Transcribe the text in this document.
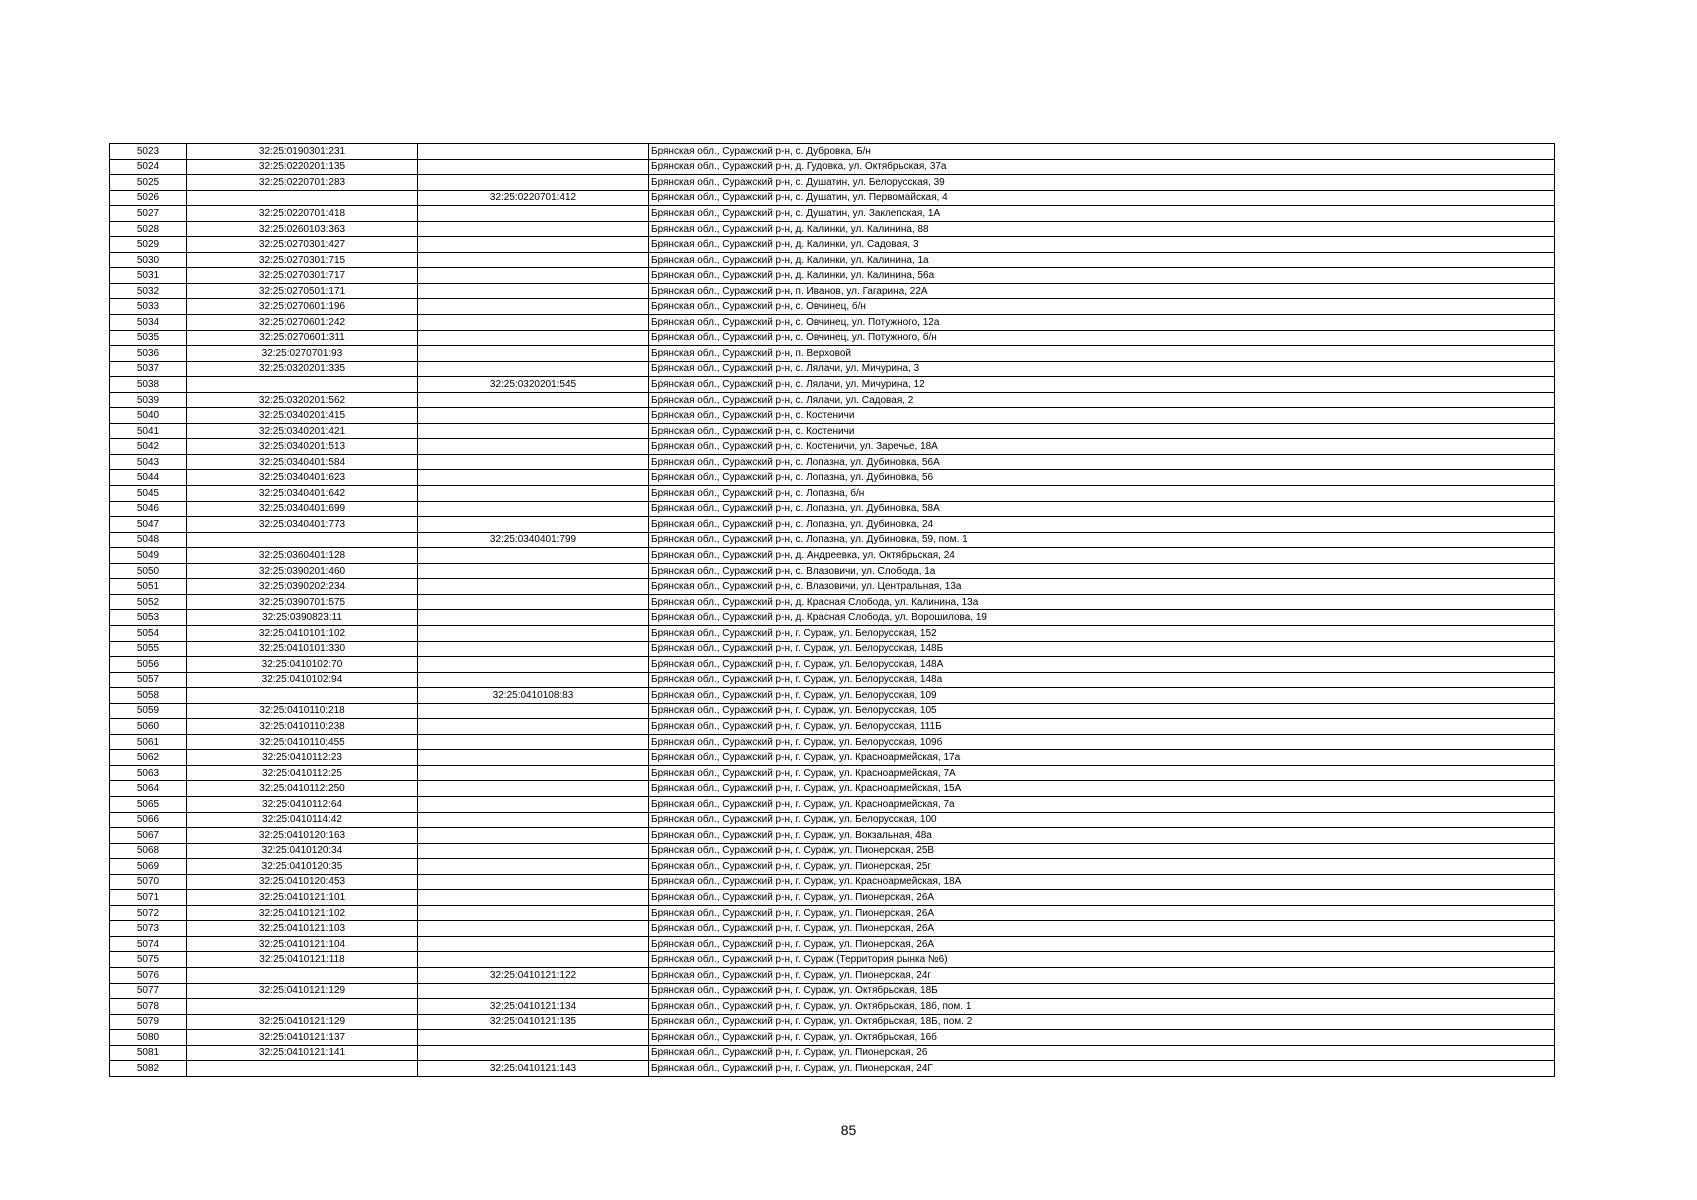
5023	32:25:0190301:231		Брянская обл., Суражский р-н, с. Дубровка, Б/н
5024	32:25:0220201:135		Брянская обл., Суражский р-н, д. Гудовка, ул. Октябрьская, 37а
5025	32:25:0220701:283		Брянская обл., Суражский р-н, с. Душатин, ул. Белорусская, 39
5026		32:25:0220701:412	Брянская обл., Суражский р-н, с. Душатин, ул. Первомайская, 4
5027	32:25:0220701:418		Брянская обл., Суражский р-н, с. Душатин, ул. Заклепская, 1А
5028	32:25:0260103:363		Брянская обл., Суражский р-н, д. Калинки, ул. Калинина, 88
5029	32:25:0270301:427		Брянская обл., Суражский р-н, д. Калинки, ул. Садовая, 3
5030	32:25:0270301:715		Брянская обл., Суражский р-н, д. Калинки, ул. Калинина, 1а
5031	32:25:0270301:717		Брянская обл., Суражский р-н, д. Калинки, ул. Калинина, 56а
5032	32:25:0270501:171		Брянская обл., Суражский р-н, п. Иванов, ул. Гагарина, 22А
5033	32:25:0270601:196		Брянская обл., Суражский р-н, с. Овчинец, б/н
5034	32:25:0270601:242		Брянская обл., Суражский р-н, с. Овчинец, ул. Потужного, 12а
5035	32:25:0270601:311		Брянская обл., Суражский р-н, с. Овчинец, ул. Потужного, б/н
5036	32:25:0270701:93		Брянская обл., Суражский р-н, п. Верховой
5037	32:25:0320201:335		Брянская обл., Суражский р-н, с. Лялачи, ул. Мичурина, 3
5038		32:25:0320201:545	Брянская обл., Суражский р-н, с. Лялачи, ул. Мичурина, 12
5039	32:25:0320201:562		Брянская обл., Суражский р-н, с. Лялачи, ул. Садовая, 2
5040	32:25:0340201:415		Брянская обл., Суражский р-н, с. Костеничи
5041	32:25:0340201:421		Брянская обл., Суражский р-н, с. Костеничи
5042	32:25:0340201:513		Брянская обл., Суражский р-н, с. Костеничи, ул. Заречье, 18А
5043	32:25:0340401:584		Брянская обл., Суражский р-н, с. Лопазна, ул. Дубиновка, 56А
5044	32:25:0340401:623		Брянская обл., Суражский р-н, с. Лопазна, ул. Дубиновка, 56
5045	32:25:0340401:642		Брянская обл., Суражский р-н, с. Лопазна, б/н
5046	32:25:0340401:699		Брянская обл., Суражский р-н, с. Лопазна, ул. Дубиновка, 58А
5047	32:25:0340401:773		Брянская обл., Суражский р-н, с. Лопазна, ул. Дубиновка, 24
5048		32:25:0340401:799	Брянская обл., Суражский р-н, с. Лопазна, ул. Дубиновка, 59, пом. 1
5049	32:25:0360401:128		Брянская обл., Суражский р-н, д. Андреевка, ул. Октябрьская, 24
5050	32:25:0390201:460		Брянская обл., Суражский р-н, с. Влазовичи, ул. Слобода, 1а
5051	32:25:0390202:234		Брянская обл., Суражский р-н, с. Влазовичи, ул. Центральная, 13а
5052	32:25:0390701:575		Брянская обл., Суражский р-н, д. Красная Слобода, ул. Калинина, 13а
5053	32:25:0390823:11		Брянская обл., Суражский р-н, д. Красная Слобода, ул. Ворошилова, 19
5054	32:25:0410101:102		Брянская обл., Суражский р-н, г. Сураж, ул. Белорусская, 152
5055	32:25:0410101:330		Брянская обл., Суражский р-н, г. Сураж, ул. Белорусская, 148Б
5056	32:25:0410102:70		Брянская обл., Суражский р-н, г. Сураж, ул. Белорусская, 148А
5057	32:25:0410102:94		Брянская обл., Суражский р-н, г. Сураж, ул. Белорусская, 148а
5058		32:25:0410108:83	Брянская обл., Суражский р-н, г. Сураж, ул. Белорусская, 109
5059	32:25:0410110:218		Брянская обл., Суражский р-н, г. Сураж, ул. Белорусская, 105
5060	32:25:0410110:238		Брянская обл., Суражский р-н, г. Сураж, ул. Белорусская, 111Б
5061	32:25:0410110:455		Брянская обл., Суражский р-н, г. Сураж, ул. Белорусская, 109б
5062	32:25:0410112:23		Брянская обл., Суражский р-н, г. Сураж, ул. Красноармейская, 17а
5063	32:25:0410112:25		Брянская обл., Суражский р-н, г. Сураж, ул. Красноармейская, 7А
5064	32:25:0410112:250		Брянская обл., Суражский р-н, г. Сураж, ул. Красноармейская, 15А
5065	32:25:0410112:64		Брянская обл., Суражский р-н, г. Сураж, ул. Красноармейская, 7а
5066	32:25:0410114:42		Брянская обл., Суражский р-н, г. Сураж, ул. Белорусская, 100
5067	32:25:0410120:163		Брянская обл., Суражский р-н, г. Сураж, ул. Вокзальная, 48а
5068	32:25:0410120:34		Брянская обл., Суражский р-н, г. Сураж, ул. Пионерская, 25В
5069	32:25:0410120:35		Брянская обл., Суражский р-н, г. Сураж, ул. Пионерская, 25г
5070	32:25:0410120:453		Брянская обл., Суражский р-н, г. Сураж, ул. Красноармейская, 18А
5071	32:25:0410121:101		Брянская обл., Суражский р-н, г. Сураж, ул. Пионерская, 26А
5072	32:25:0410121:102		Брянская обл., Суражский р-н, г. Сураж, ул. Пионерская, 26А
5073	32:25:0410121:103		Брянская обл., Суражский р-н, г. Сураж, ул. Пионерская, 26А
5074	32:25:0410121:104		Брянская обл., Суражский р-н, г. Сураж, ул. Пионерская, 26А
5075	32:25:0410121:118		Брянская обл., Суражский р-н, г. Сураж (Территория рынка №6)
5076		32:25:0410121:122	Брянская обл., Суражский р-н, г. Сураж, ул. Пионерская, 24г
5077	32:25:0410121:129		Брянская обл., Суражский р-н, г. Сураж, ул. Октябрьская, 18Б
5078		32:25:0410121:134	Брянская обл., Суражский р-н, г. Сураж, ул. Октябрьская, 18б, пом. 1
5079	32:25:0410121:129	32:25:0410121:135	Брянская обл., Суражский р-н, г. Сураж, ул. Октябрьская, 18Б, пом. 2
5080	32:25:0410121:137		Брянская обл., Суражский р-н, г. Сураж, ул. Октябрьская, 16б
5081	32:25:0410121:141		Брянская обл., Суражский р-н, г. Сураж, ул. Пионерская, 26
5082		32:25:0410121:143	Брянская обл., Суражский р-н, г. Сураж, ул. Пионерская, 24Г
85
